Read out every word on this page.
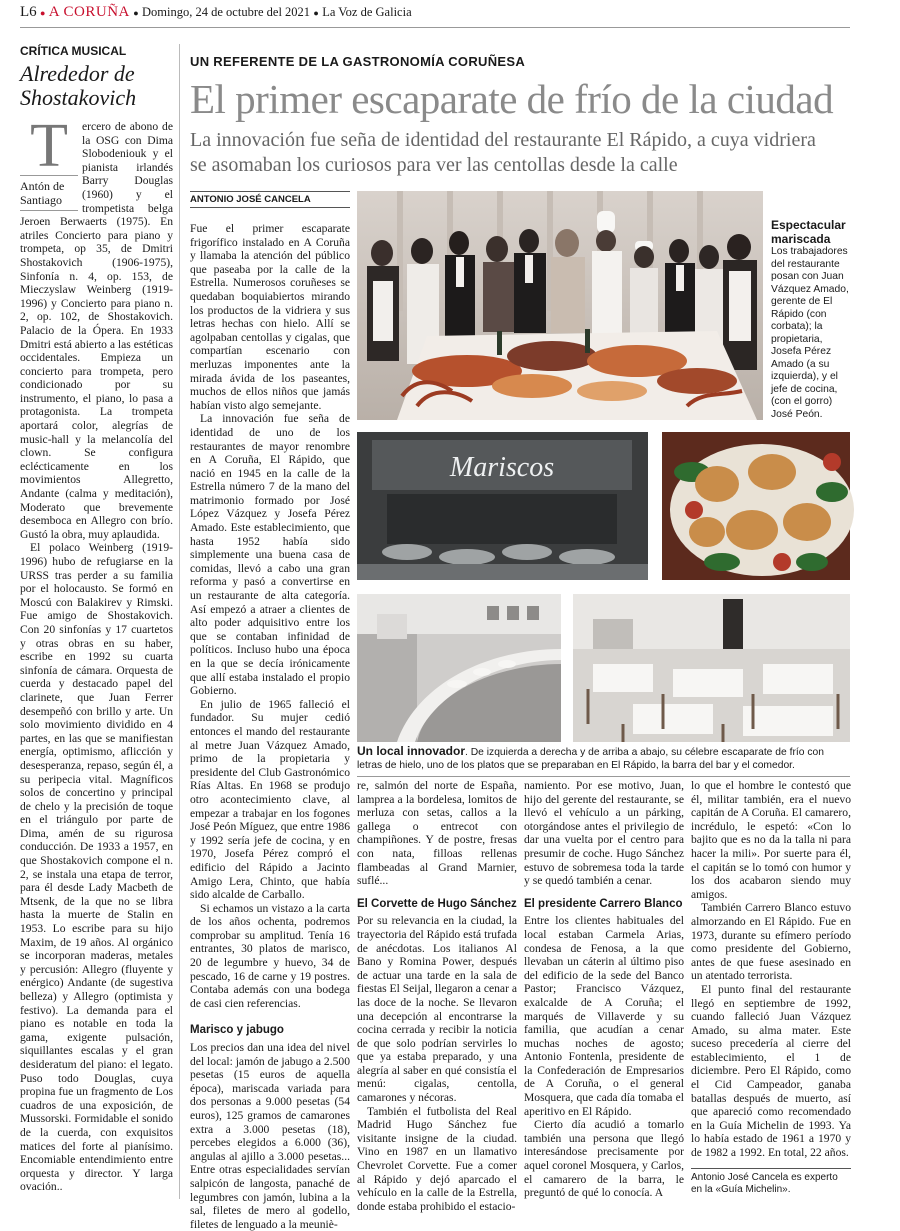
L6 ● A CORUÑA ● Domingo, 24 de octubre del 2021 ● La Voz de Galicia
CRÍTICA MUSICAL
Alrededor de Shostakovich
T
Antón de Santiago

ercero de abono de la OSG con Dima Slobodeniouk y el pianista irlandés Barry Douglas (1960) y el trompetista belga Jeroen Berwaerts (1975). En atriles Concierto para piano y trompeta, op 35, de Dmitri Shostakovich (1906-1975), Sinfonía n. 4, op. 153, de Mieczyslaw Weinberg (1919-1996) y Concierto para piano n. 2, op. 102, de Shostakovich. Palacio de la Ópera. En 1933 Dmitri está abierto a las estéticas occidentales. Empieza un concierto para trompeta, pero condicionado por su instrumento, el piano, lo pasa a protagonista. La trompeta aportará color, alegrías de music-hall y la melancolía del clown. Se configura eclécticamente en los movimientos Allegretto, Andante (calma y meditación), Moderato que brevemente desemboca en Allegro con brío. Gustó la obra, muy aplaudida.

El polaco Weinberg (1919-1996) hubo de refugiarse en la URSS tras perder a su familia por el holocausto. Se formó en Moscú con Balakirev y Rimski. Fue amigo de Shostakovich. Con 20 sinfonías y 17 cuartetos y otras obras en su haber, escribe en 1992 su cuarta sinfonía de cámara. Orquesta de cuerda y destacado papel del clarinete, que Juan Ferrer desempeñó con brillo y arte. Un solo movimiento dividido en 4 partes, en las que se manifiestan energía, optimismo, aflicción y desesperanza, repaso, según él, a su peripecia vital. Magníficos solos de concertino y principal de chelo y la precisión de toque en el triángulo por parte de Dima, amén de su rigurosa conducción. De 1933 a 1957, en que Shostakovich compone el n. 2, se instala una etapa de terror, para él desde Lady Macbeth de Mtsenk, de la que no se libra hasta la muerte de Stalin en 1953. Lo escribe para su hijo Maxim, de 19 años. Al orgánico se incorporan maderas, metales y percusión: Allegro (fluyente y enérgico) Andante (de sugestiva belleza) y Allegro (optimista y festivo). La demanda para el piano es notable en toda la gama, exigente pulsación, siquillantes escalas y el gran desideratum del piano: el legato. Puso todo Douglas, cuya propina fue un fragmento de Los cuadros de una exposición, de Mussorski. Formidable el sonido de la cuerda, con exquisitos matices del forte al pianísimo. Encomiable entendimiento entre orquesta y director. Y larga ovación..

UN REFERENTE DE LA GASTRONOMÍA CORUÑESA
El primer escaparate de frío de la ciudad
La innovación fue seña de identidad del restaurante El Rápido, a cuya vidriera se asomaban los curiosos para ver las centollas desde la calle
ANTONIO JOSÉ CANCELA

Fue el primer escaparate frigorífico instalado en A Coruña y llamaba la atención del público que paseaba por la calle de la Estrella. Numerosos coruñeses se quedaban boquiabiertos mirando los productos de la vidriera y sus letras hechas con hielo. Allí se agolpaban centollas y cigalas, que compartían escenario con merluzas imponentes ante la mirada ávida de los paseantes, muchos de ellos niños que jamás habían visto algo semejante.

La innovación fue seña de identidad de uno de los restaurantes de mayor renombre en A Coruña, El Rápido, que nació en 1945 en la calle de la Estrella número 7 de la mano del matrimonio formado por José López Vázquez y Josefa Pérez Amado. Este establecimiento, que hasta 1952 había sido simplemente una buena casa de comidas, llevó a cabo una gran reforma y pasó a convertirse en un restaurante de alta categoría. Así empezó a atraer a clientes de alto poder adquisitivo entre los que se contaban infinidad de políticos. Incluso hubo una época en la que se decía irónicamente que allí estaba instalado el propio Gobierno.

En julio de 1965 falleció el fundador. Su mujer cedió entonces el mando del restaurante al metre Juan Vázquez Amado, primo de la propietaria y presidente del Club Gastronómico Rías Altas. En 1968 se produjo otro acontecimiento clave, al empezar a trabajar en los fogones José Peón Míguez, que entre 1986 y 1992 sería jefe de cocina, y en 1970, Josefa Pérez compró el edificio del Rápido a Jacinto Amigo Lera, Chinto, que había sido alcalde de Carballo.

Si echamos un vistazo a la carta de los años ochenta, podremos comprobar su amplitud. Tenía 16 entrantes, 30 platos de marisco, 20 de legumbre y huevo, 34 de pescado, 16 de carne y 19 postres. Contaba además con una bodega de casi cien referencias.

Marisco y jabugo

Los precios dan una idea del nivel del local: jamón de jabugo a 2.500 pesetas (15 euros de aquella época), mariscada variada para dos personas a 9.000 pesetas (54 euros), 125 gramos de camarones extra a 3.000 pesetas (18), percebes elegidos a 6.000 (36), angulas al ajillo a 3.000 pesetas... Entre otras especialidades servían salpicón de langosta, panaché de legumbres con jamón, lubina a la sal, filetes de mero al godello, filetes de lenguado a la meuniè-

Espectacular mariscada
Los trabajadores del restaurante posan con Juan Vázquez Amado, gerente de El Rápido (con corbata); la propietaria, Josefa Pérez Amado (a su izquierda), y el jefe de cocina, (con el gorro) José Peón.
Mariscos
Un local innovador. De izquierda a derecha y de arriba a abajo, su célebre escaparate de frío con letras de hielo, uno de los platos que se preparaban en El Rápido, la barra del bar y el comedor.

re, salmón del norte de España, lamprea a la bordelesa, lomitos de merluza con setas, callos a la gallega o entrecot con champiñones. Y de postre, fresas con nata, filloas rellenas flambeadas al Grand Marnier, suflé...

El Corvette de Hugo Sánchez

Por su relevancia en la ciudad, la trayectoria del Rápido está trufada de anécdotas. Los italianos Al Bano y Romina Power, después de actuar una tarde en la sala de fiestas El Seijal, llegaron a cenar a las doce de la noche. Se llevaron una decepción al encontrarse la cocina cerrada y recibir la noticia de que solo podrían servirles lo que ya estaba preparado, y una alegría al saber en qué consistía el menú: cigalas, centolla, camarones y nécoras.

También el futbolista del Real Madrid Hugo Sánchez fue visitante insigne de la ciudad. Vino en 1987 en un llamativo Chevrolet Corvette. Fue a comer al Rápido y dejó aparcado el vehículo en la calle de la Estrella, donde estaba prohibido el estacio-

namiento. Por ese motivo, Juan, hijo del gerente del restaurante, se llevó el vehículo a un párking, otorgándose antes el privilegio de dar una vuelta por el centro para presumir de coche. Hugo Sánchez estuvo de sobremesa toda la tarde y se quedó también a cenar.

El presidente Carrero Blanco

Entre los clientes habituales del local estaban Carmela Arias, condesa de Fenosa, a la que llevaban un cáterin al último piso del edificio de la sede del Banco Pastor; Francisco Vázquez, exalcalde de A Coruña; el marqués de Villaverde y su familia, que acudían a cenar muchas noches de agosto; Antonio Fontenla, presidente de la Confederación de Empresarios de A Coruña, o el general Mosquera, que cada día tomaba el aperitivo en El Rápido.

Cierto día acudió a tomarlo también una persona que llegó interesándose precisamente por aquel coronel Mosquera, y Carlos, el camarero de la barra, le preguntó de qué lo conocía. A

lo que el hombre le contestó que él, militar también, era el nuevo capitán de A Coruña. El camarero, incrédulo, le espetó: «Con lo bajito que es no da la talla ni para hacer la mili». Por suerte para él, el capitán se lo tomó con humor y los dos acabaron siendo muy amigos.

También Carrero Blanco estuvo almorzando en El Rápido. Fue en 1973, durante su efímero período como presidente del Gobierno, antes de que fuese asesinado en un atentado terrorista.

El punto final del restaurante llegó en septiembre de 1992, cuando falleció Juan Vázquez Amado, su alma mater. Este suceso precedería al cierre del establecimiento, el 1 de diciembre. Pero El Rápido, como el Cid Campeador, ganaba batallas después de muerto, así que apareció como recomendado en la Guía Michelin de 1993. Ya lo había estado de 1961 a 1970 y de 1982 a 1992. En total, 22 años.

Antonio José Cancela es experto en la «Guía Michelin».
